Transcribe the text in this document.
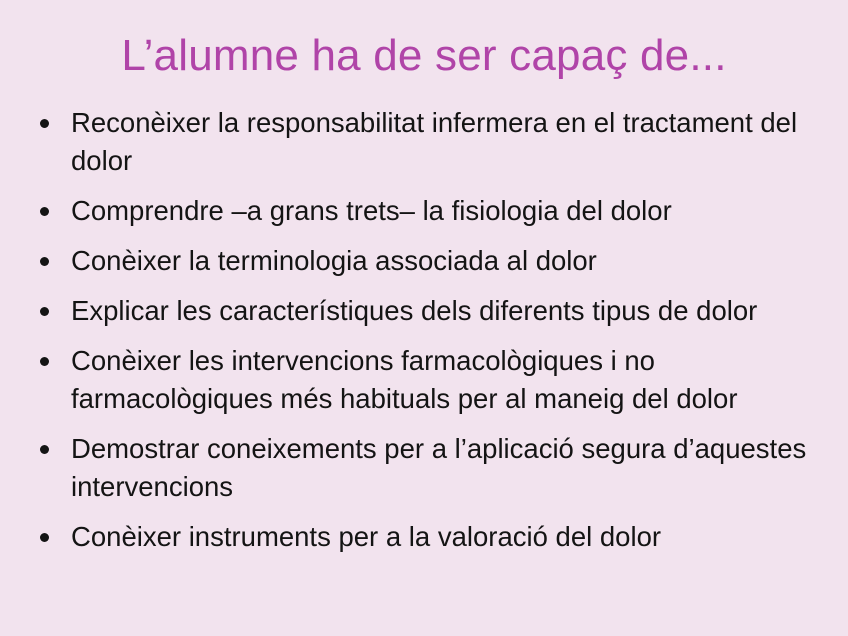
L’alumne ha de ser capaç de...
Reconèixer la responsabilitat infermera en el tractament del dolor
Comprendre –a grans trets– la fisiologia del dolor
Conèixer la terminologia associada al dolor
Explicar les característiques dels diferents tipus de dolor
Conèixer les intervencions farmacològiques i no farmacològiques més habituals per al maneig del dolor
Demostrar coneixements per a l’aplicació segura d’aquestes intervencions
Conèixer instruments per a la valoració del dolor
